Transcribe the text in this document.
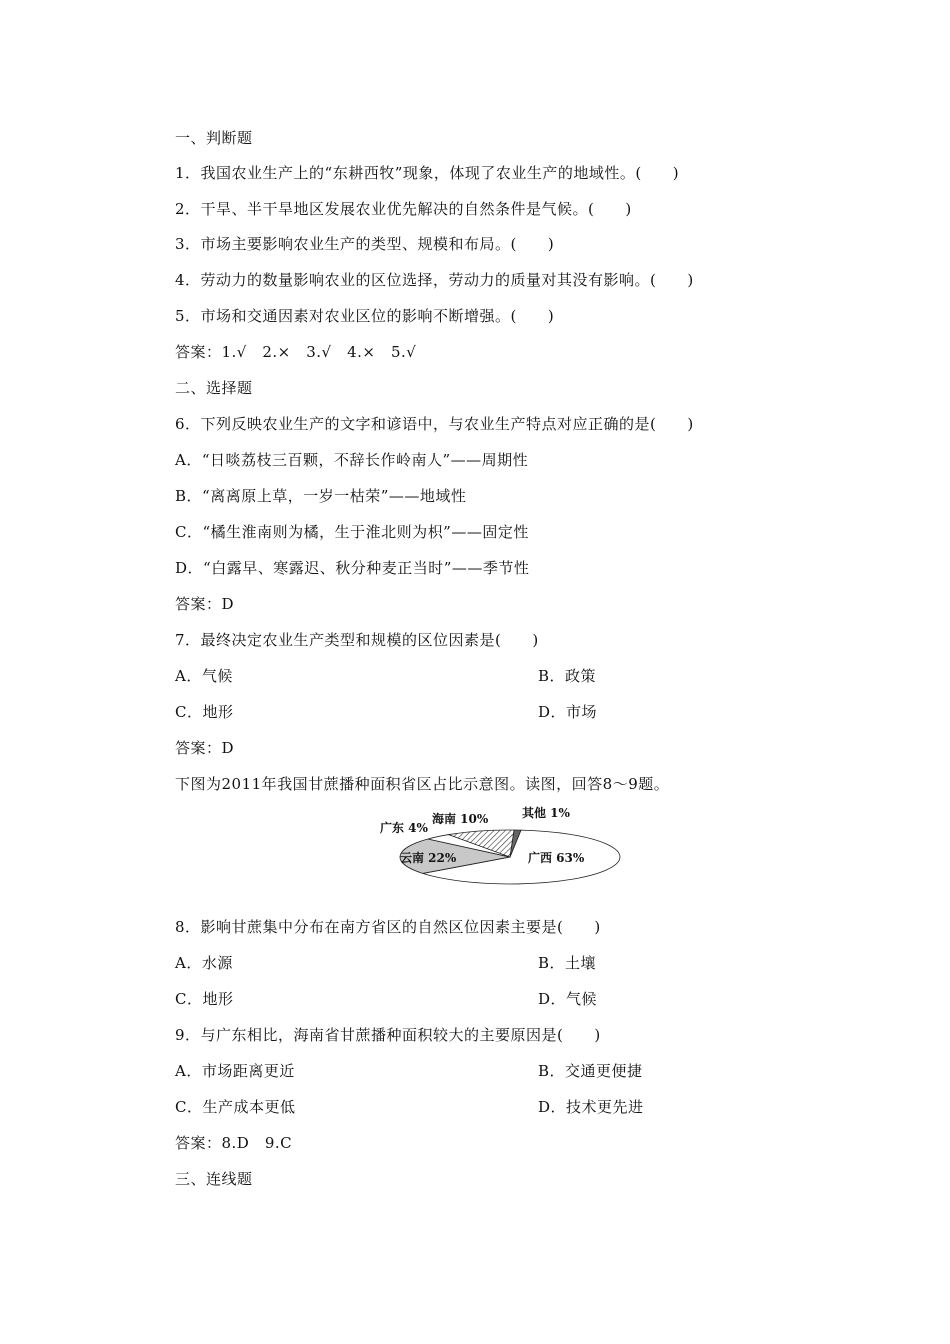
一、判断题
1．我国农业生产上的“东耕西牧”现象，体现了农业生产的地域性。(　　)
2．干旱、半干旱地区发展农业优先解决的自然条件是气候。(　　)
3．市场主要影响农业生产的类型、规模和布局。(　　)
4．劳动力的数量影响农业的区位选择，劳动力的质量对其没有影响。(　　)
5．市场和交通因素对农业区位的影响不断增强。(　　)
答案：1.√　2.×　3.√　4.×　5.√
二、选择题
6．下列反映农业生产的文字和谚语中，与农业生产特点对应正确的是(　　)
A．“日啖荔枝三百颗，不辞长作岭南人”——周期性
B．“离离原上草，一岁一枯荣”——地域性
C．“橘生淮南则为橘，生于淮北则为枳”——固定性
D．“白露早、寒露迟、秋分种麦正当时”——季节性
答案：D
7．最终决定农业生产类型和规模的区位因素是(　　)
A．气候	B．政策
C．地形	D．市场
答案：D
下图为2011年我国甘蔗播种面积省区占比示意图。读图，回答8～9题。
广西 63%
云南 22%
广东 4%
海南 10%	其他 1%
8．影响甘蔗集中分布在南方省区的自然区位因素主要是(　　)
A．水源	B．土壤
C．地形	D．气候
9．与广东相比，海南省甘蔗播种面积较大的主要原因是(　　)
A．市场距离更近	B．交通更便捷
C．生产成本更低	D．技术更先进
答案：8.D　9.C
三、连线题
